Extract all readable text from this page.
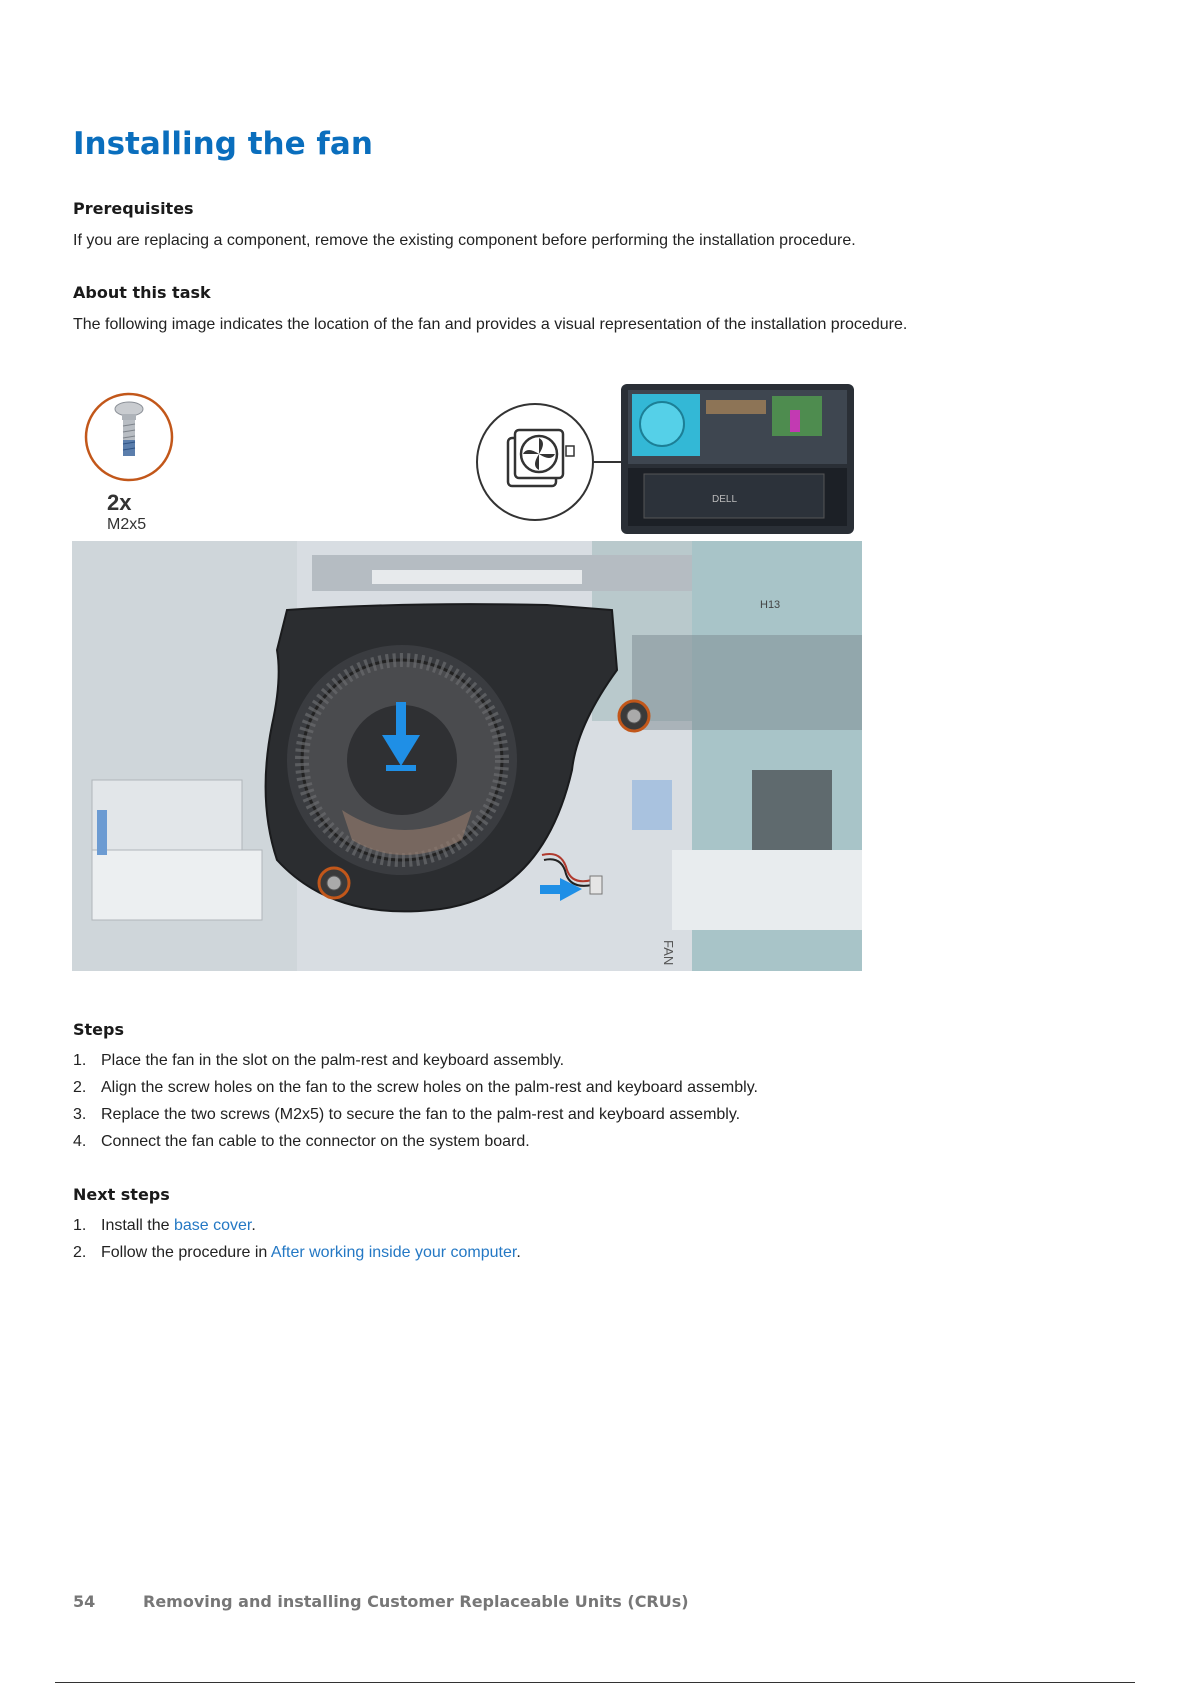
Installing the fan
Prerequisites

If you are replacing a component, remove the existing component before performing the installation procedure.

About this task

The following image indicates the location of the fan and provides a visual representation of the installation procedure.

2x
M2x5
DELL
H13
FAN
Steps
1. Place the fan in the slot on the palm-rest and keyboard assembly.
2. Align the screw holes on the fan to the screw holes on the palm-rest and keyboard assembly.
3. Replace the two screws (M2x5) to secure the fan to the palm-rest and keyboard assembly.
4. Connect the fan cable to the connector on the system board.
Next steps
1. Install the base cover.
2. Follow the procedure in After working inside your computer.
54	Removing and installing Customer Replaceable Units (CRUs)
